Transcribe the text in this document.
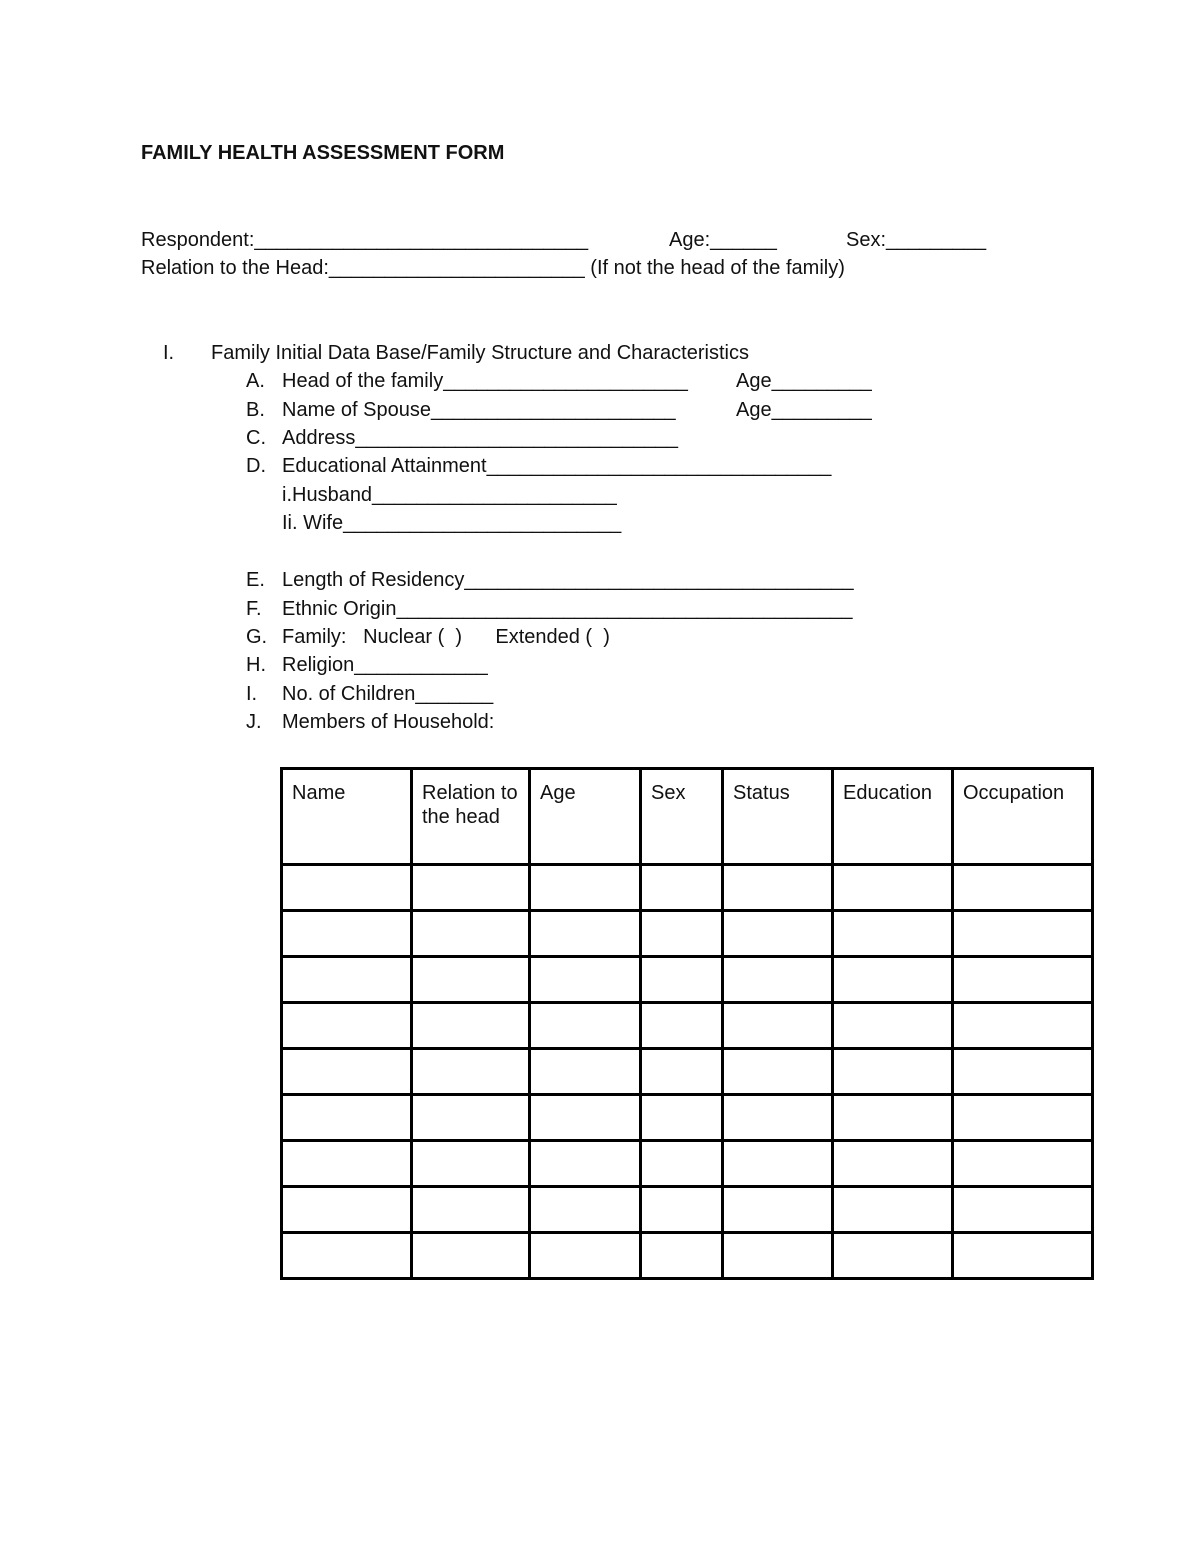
FAMILY HEALTH ASSESSMENT FORM
Respondent:______________________________	Age:______	Sex:_________
Relation to the Head:_______________________ (If not the head of the family)
I. Family Initial Data Base/Family Structure and Characteristics
A. Head of the family______________________ Age_________
B. Name of Spouse______________________	Age_________
C. Address_____________________________
D. Educational Attainment_______________________________
i.Husband______________________
Ii. Wife_________________________
E. Length of Residency___________________________________
F. Ethnic Origin_________________________________________
G. Family:   Nuclear (  )      Extended (  )
H. Religion____________
I. No. of Children_______
J. Members of Household:
Name	Relation to the head	Age	Sex	Status	Education	Occupation
